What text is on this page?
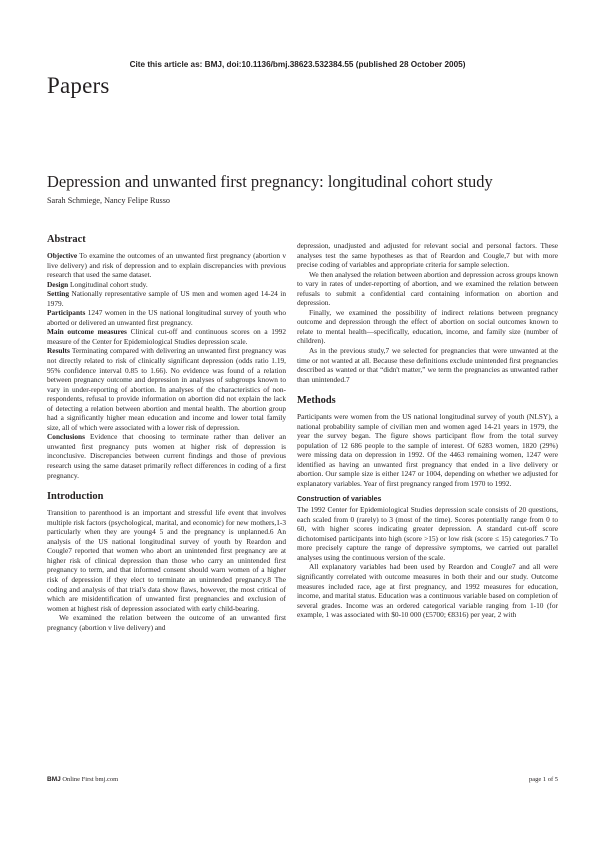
Cite this article as: BMJ, doi:10.1136/bmj.38623.532384.55 (published 28 October 2005)
Papers
Depression and unwanted first pregnancy: longitudinal cohort study
Sarah Schmiege, Nancy Felipe Russo
Abstract

Objective To examine the outcomes of an unwanted first pregnancy (abortion v live delivery) and risk of depression and to explain discrepancies with previous research that used the same dataset.

Design Longitudinal cohort study.

Setting Nationally representative sample of US men and women aged 14-24 in 1979.

Participants 1247 women in the US national longitudinal survey of youth who aborted or delivered an unwanted first pregnancy.

Main outcome measures Clinical cut-off and continuous scores on a 1992 measure of the Center for Epidemiological Studies depression scale.

Results Terminating compared with delivering an unwanted first pregnancy was not directly related to risk of clinically significant depression (odds ratio 1.19, 95% confidence interval 0.85 to 1.66). No evidence was found of a relation between pregnancy outcome and depression in analyses of subgroups known to vary in under-reporting of abortion. In analyses of the characteristics of non-respondents, refusal to provide information on abortion did not explain the lack of detecting a relation between abortion and mental health. The abortion group had a significantly higher mean education and income and lower total family size, all of which were associated with a lower risk of depression.

Conclusions Evidence that choosing to terminate rather than deliver an unwanted first pregnancy puts women at higher risk of depression is inconclusive. Discrepancies between current findings and those of previous research using the same dataset primarily reflect differences in coding of a first pregnancy.

Introduction

Transition to parenthood is an important and stressful life event that involves multiple risk factors (psychological, marital, and economic) for new mothers,1-3 particularly when they are young4 5 and the pregnancy is unplanned.6 An analysis of the US national longitudinal survey of youth by Reardon and Cougle7 reported that women who abort an unintended first pregnancy are at higher risk of clinical depression than those who carry an unintended first pregnancy to term, and that informed consent should warn women of a higher risk of depression if they elect to terminate an unintended pregnancy.8 The coding and analysis of that trial's data show flaws, however, the most critical of which are misidentification of unwanted first pregnancies and exclusion of women at highest risk of depression associated with early child-bearing.

We examined the relation between the outcome of an unwanted first pregnancy (abortion v live delivery) and

depression, unadjusted and adjusted for relevant social and personal factors. These analyses test the same hypotheses as that of Reardon and Cougle,7 but with more precise coding of variables and appropriate criteria for sample selection.

We then analysed the relation between abortion and depression across groups known to vary in rates of under-reporting of abortion, and we examined the relation between refusals to submit a confidential card containing information on abortion and depression.

Finally, we examined the possibility of indirect relations between pregnancy outcome and depression through the effect of abortion on social outcomes known to relate to mental health—specifically, education, income, and family size (number of children).

As in the previous study,7 we selected for pregnancies that were unwanted at the time or not wanted at all. Because these definitions exclude unintended first pregnancies described as wanted or that “didn't matter,” we term the pregnancies as unwanted rather than unintended.7

Methods

Participants were women from the US national longitudinal survey of youth (NLSY), a national probability sample of civilian men and women aged 14-21 years in 1979, the year the survey began. The figure shows participant flow from the total survey population of 12 686 people to the sample of interest. Of 6283 women, 1820 (29%) were missing data on depression in 1992. Of the 4463 remaining women, 1247 were identified as having an unwanted first pregnancy that ended in a live delivery or abortion. Our sample size is either 1247 or 1004, depending on whether we adjusted for explanatory variables. Year of first pregnancy ranged from 1970 to 1992.

Construction of variables

The 1992 Center for Epidemiological Studies depression scale consists of 20 questions, each scaled from 0 (rarely) to 3 (most of the time). Scores potentially range from 0 to 60, with higher scores indicating greater depression. A standard cut-off score dichotomised participants into high (score >15) or low risk (score ≤ 15) categories.7 To more precisely capture the range of depressive symptoms, we carried out parallel analyses using the continuous version of the scale.

All explanatory variables had been used by Reardon and Cougle7 and all were significantly correlated with outcome measures in both their and our study. Outcome measures included race, age at first pregnancy, and 1992 measures for education, income, and marital status. Education was a continuous variable based on completion of several grades. Income was an ordered categorical variable ranging from 1-10 (for example, 1 was associated with $0-10 000 (£5700; €8316) per year, 2 with

BMJ Online First bmj.com	page 1 of 5
